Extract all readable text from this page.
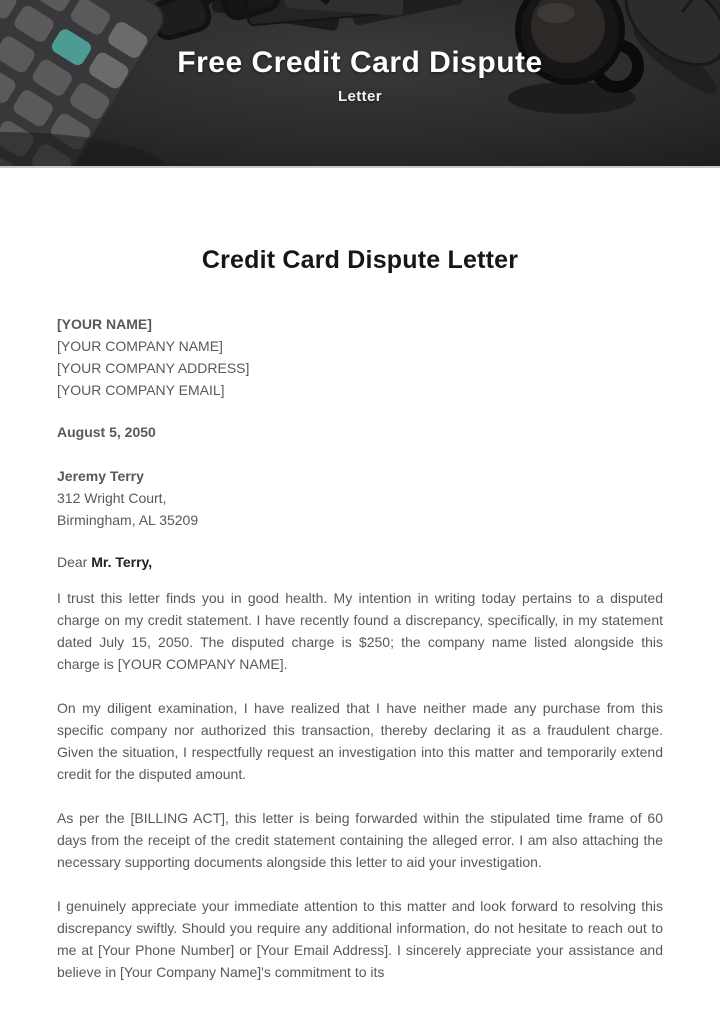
Free Credit Card Dispute
Letter
Credit Card Dispute Letter

[YOUR NAME]

[YOUR COMPANY NAME]

[YOUR COMPANY ADDRESS]

[YOUR COMPANY EMAIL]

August 5, 2050

Jeremy Terry

312 Wright Court,

Birmingham, AL 35209

Dear Mr. Terry,

I trust this letter finds you in good health. My intention in writing today pertains to a disputed charge on my credit statement. I have recently found a discrepancy, specifically, in my statement dated July 15, 2050. The disputed charge is $250; the company name listed alongside this charge is [YOUR COMPANY NAME].

On my diligent examination, I have realized that I have neither made any purchase from this specific company nor authorized this transaction, thereby declaring it as a fraudulent charge. Given the situation, I respectfully request an investigation into this matter and temporarily extend credit for the disputed amount.

As per the [BILLING ACT], this letter is being forwarded within the stipulated time frame of 60 days from the receipt of the credit statement containing the alleged error. I am also attaching the necessary supporting documents alongside this letter to aid your investigation.

I genuinely appreciate your immediate attention to this matter and look forward to resolving this discrepancy swiftly. Should you require any additional information, do not hesitate to reach out to me at [Your Phone Number] or [Your Email Address]. I sincerely appreciate your assistance and believe in [Your Company Name]'s commitment to its
